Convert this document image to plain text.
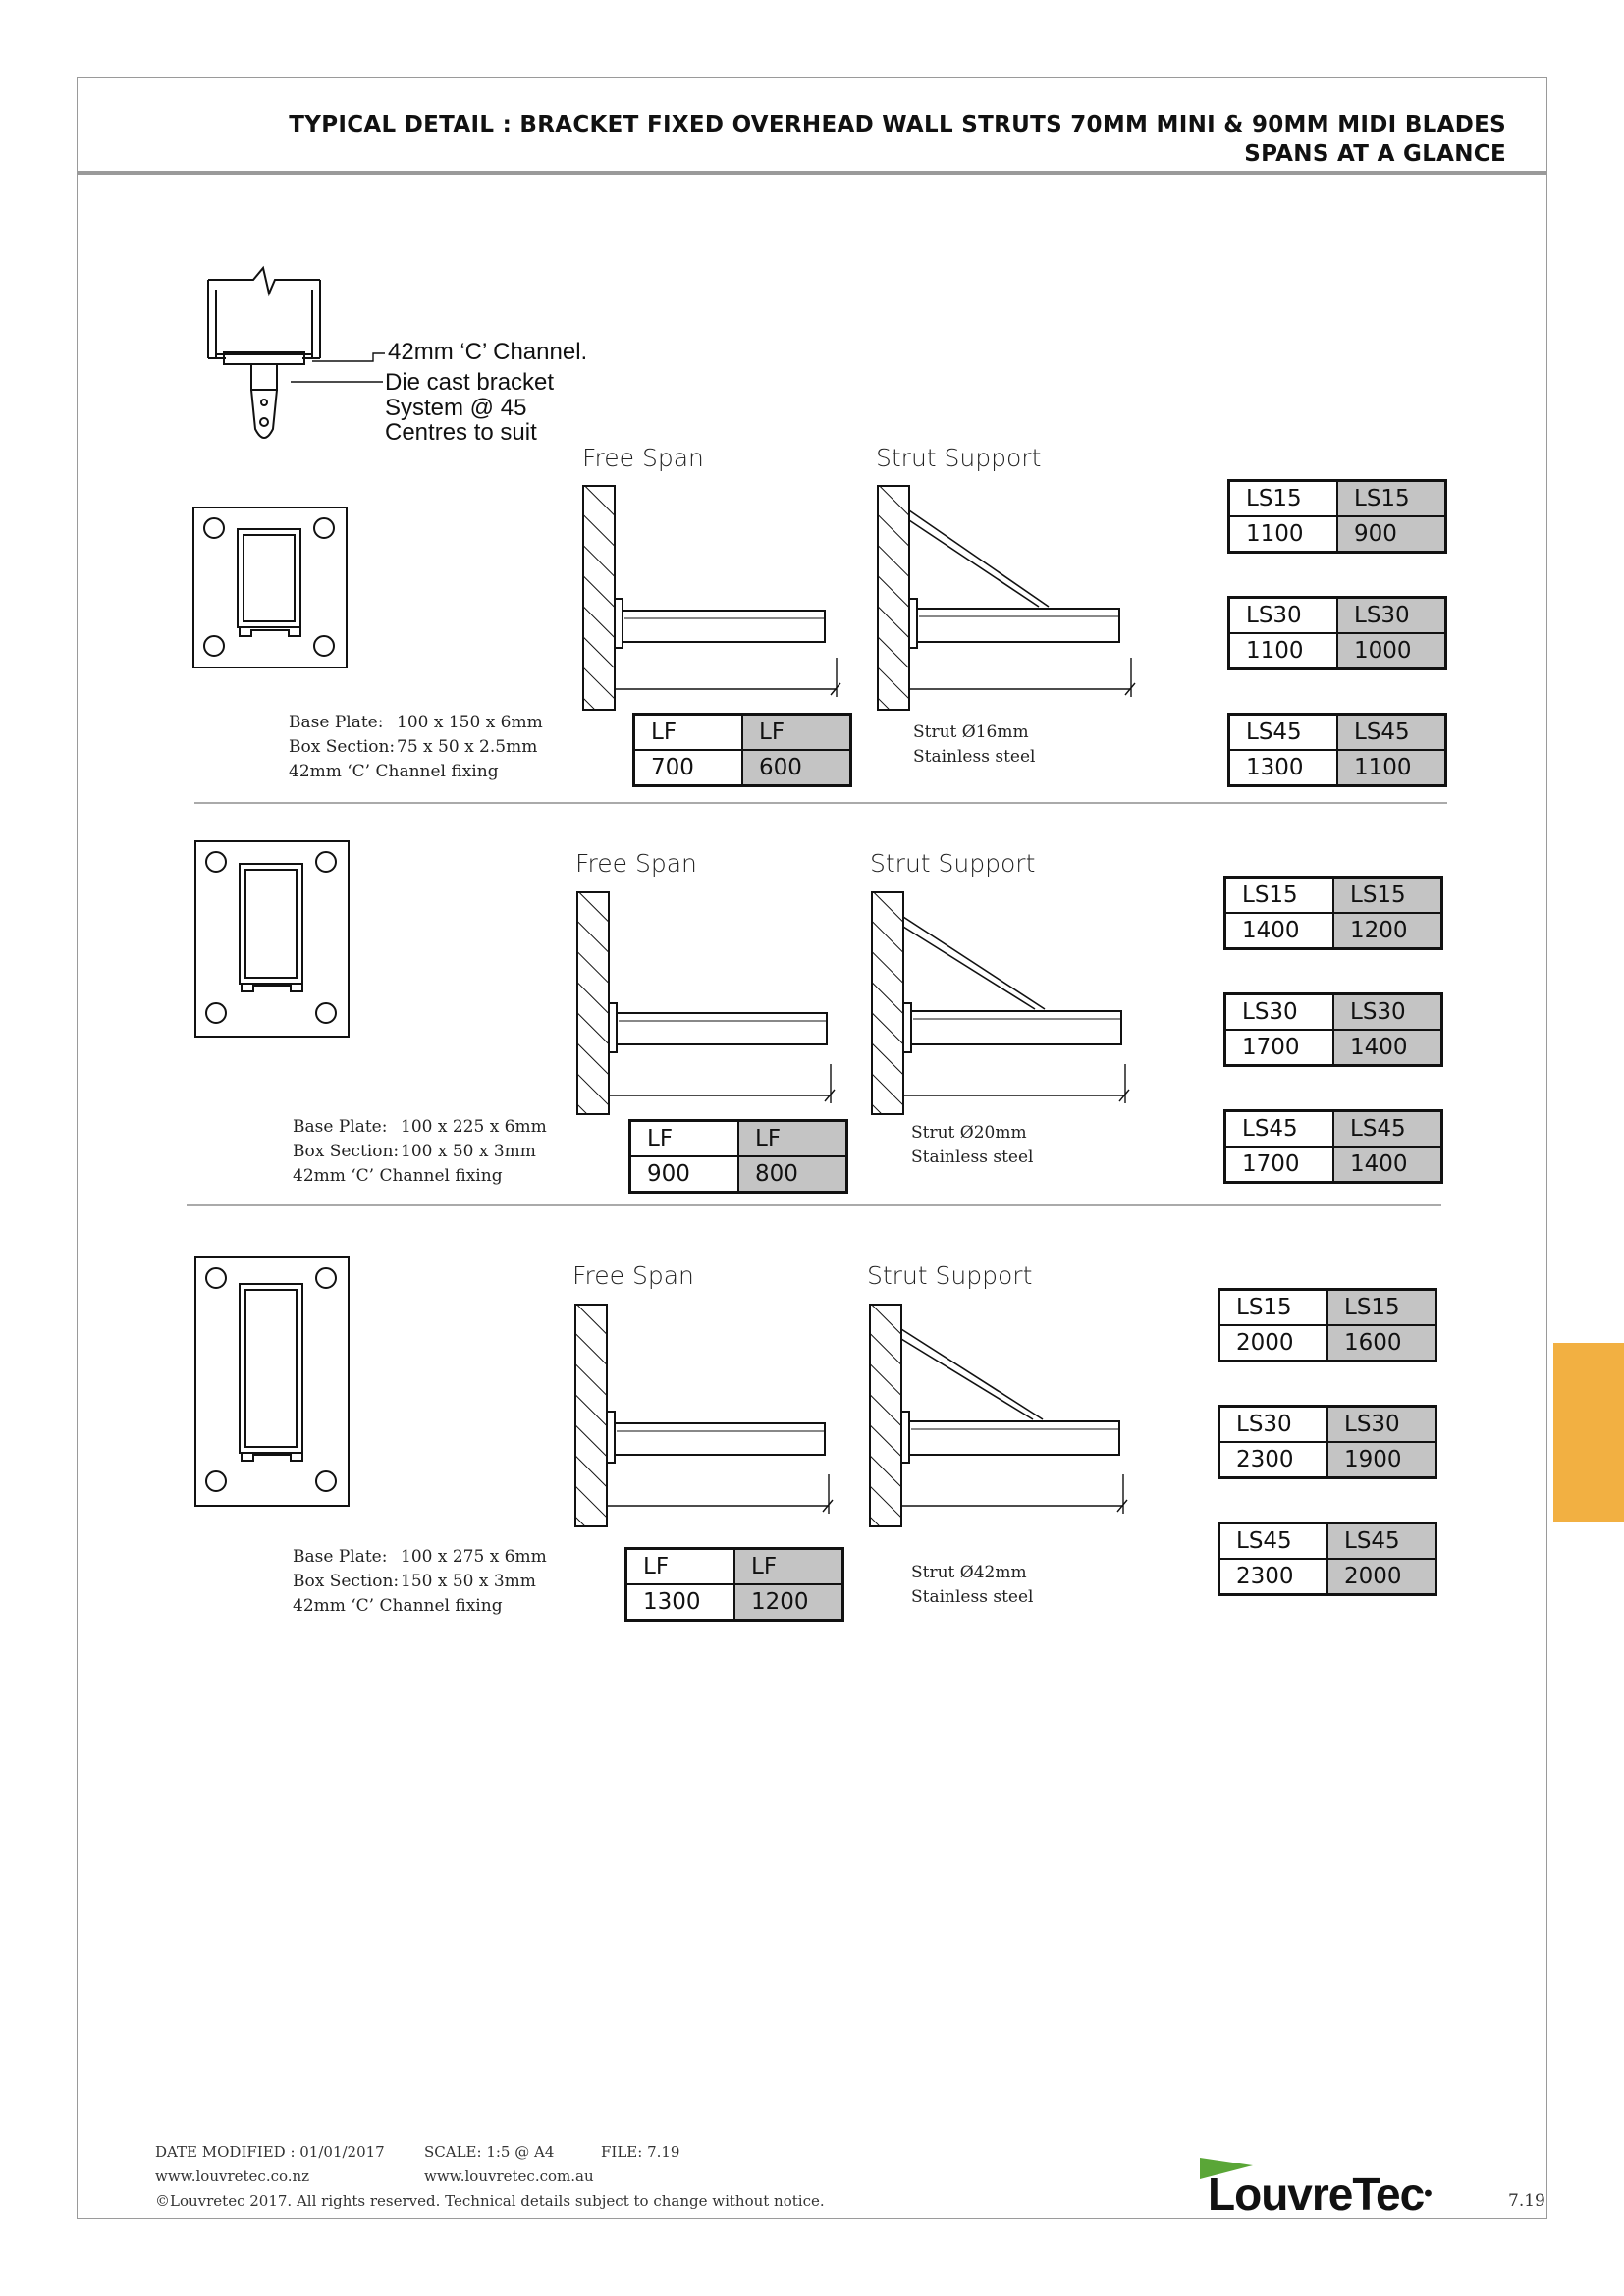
TYPICAL DETAIL : BRACKET FIXED OVERHEAD WALL STRUTS 70MM MINI & 90MM MIDI BLADES
SPANS AT A GLANCE
42mm ‘C’ Channel.
Die cast bracket
System @ 45
Centres to suit
Base Plate: 100 x 150 x 6mm
Box Section: 75 x 50 x 2.5mm
42mm ‘C’ Channel fixing
Free Span
LF	LF
700	600
Strut Support
Strut Ø16mm
Stainless steel
LS15	LS15
1100	900
LS30	LS30
1100	1000
LS45	LS45
1300	1100
Base Plate: 100 x 225 x 6mm
Box Section: 100 x 50 x 3mm
42mm ‘C’ Channel fixing
Free Span
LF	LF
900	800
Strut Support
Strut Ø20mm
Stainless steel
LS15	LS15
1400	1200
LS30	LS30
1700	1400
LS45	LS45
1700	1400
Base Plate: 100 x 275 x 6mm
Box Section: 150 x 50 x 3mm
42mm ‘C’ Channel fixing
Free Span
LF	LF
1300	1200
Strut Support
Strut Ø42mm
Stainless steel
LS15	LS15
2000	1600
LS30	LS30
2300	1900
LS45	LS45
2300	2000
DATE MODIFIED : 01/01/2017	SCALE: 1:5 @ A4	FILE: 7.19
www.louvretec.co.nz	www.louvretec.com.au
©Louvretec 2017. All rights reserved. Technical details subject to change without notice.	LouvreTec•	7.19
